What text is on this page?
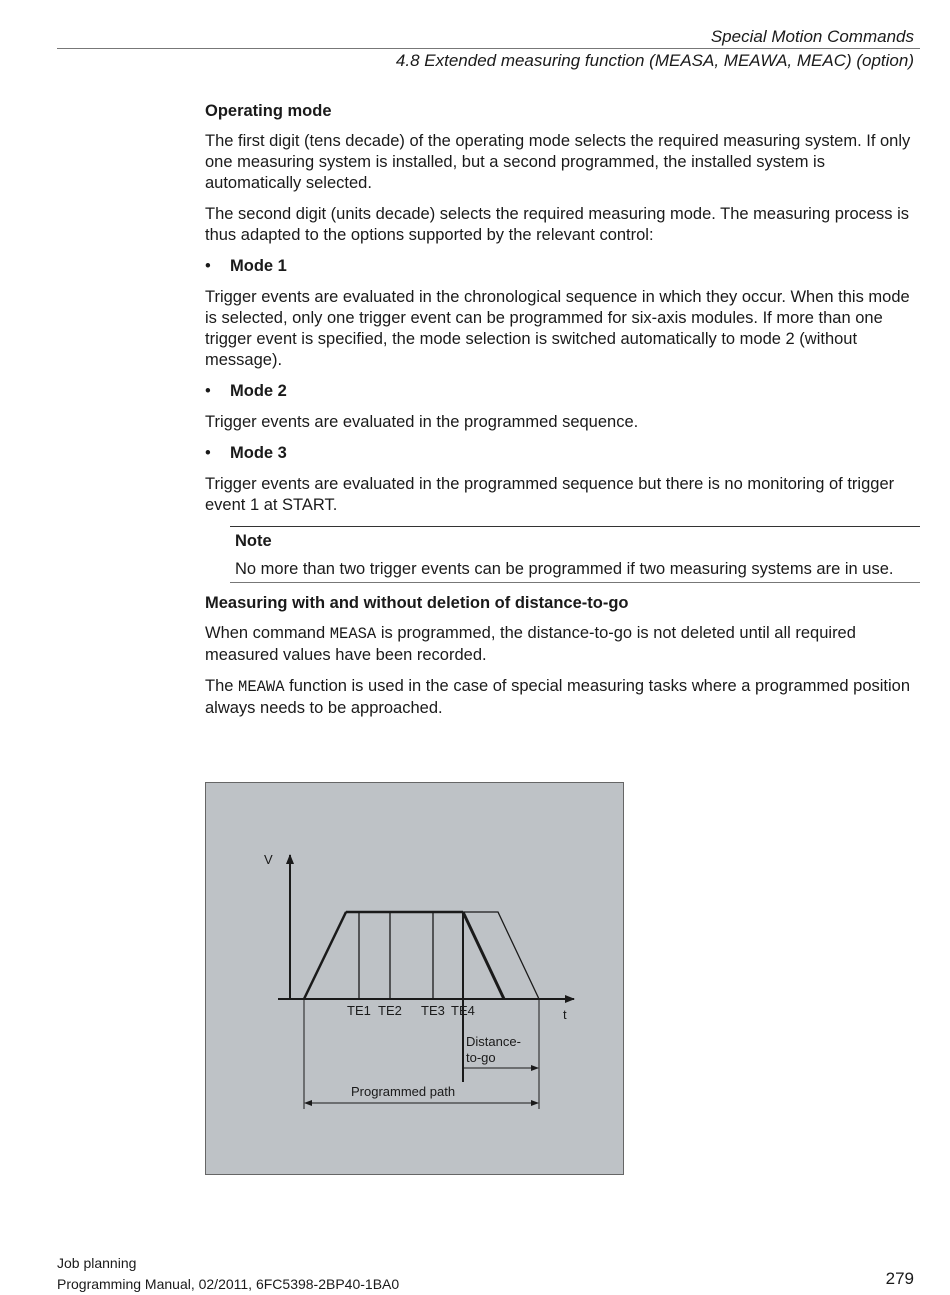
Special Motion Commands
4.8 Extended measuring function (MEASA, MEAWA, MEAC) (option)
Operating mode

The first digit (tens decade) of the operating mode selects the required measuring system. If only one measuring system is installed, but a second programmed, the installed system is automatically selected.

The second digit (units decade) selects the required measuring mode. The measuring process is thus adapted to the options supported by the relevant control:

• Mode 1

Trigger events are evaluated in the chronological sequence in which they occur. When this mode is selected, only one trigger event can be programmed for six-axis modules. If more than one trigger event is specified, the mode selection is switched automatically to mode 2 (without message).

• Mode 2

Trigger events are evaluated in the programmed sequence.

• Mode 3

Trigger events are evaluated in the programmed sequence but there is no monitoring of trigger event 1 at START.

Note

No more than two trigger events can be programmed if two measuring systems are in use.

Measuring with and without deletion of distance-to-go

When command MEASA is programmed, the distance-to-go is not deleted until all required measured values have been recorded.

The MEAWA function is used in the case of special measuring tasks where a programmed position always needs to be approached.

V
t
TE1 TE2 TE3 TE4
Distance-
to-go
Programmed path
Job planning
Programming Manual, 02/2011, 6FC5398-2BP40-1BA0	279
